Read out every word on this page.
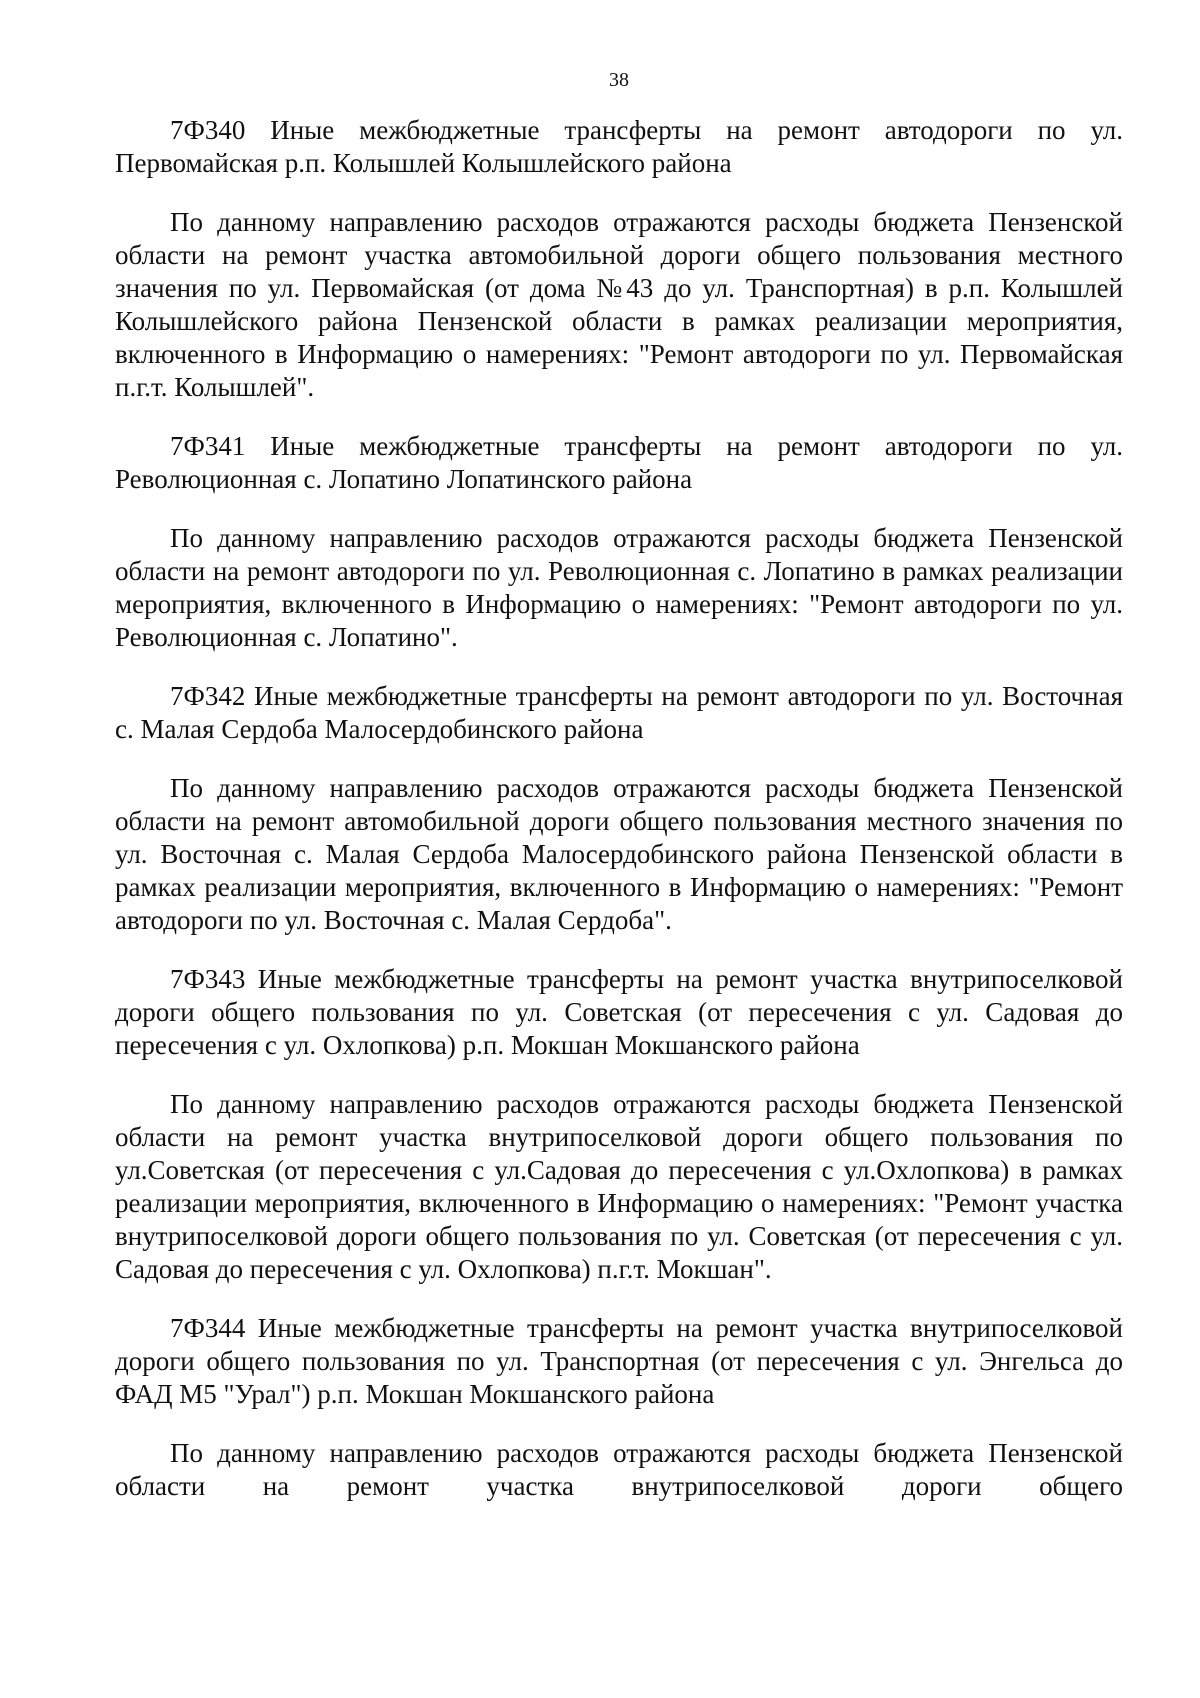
38

7Ф340 Иные межбюджетные трансферты на ремонт автодороги по ул. Первомайская р.п. Колышлей Колышлейского района

По данному направлению расходов отражаются расходы бюджета Пензенской области на ремонт участка автомобильной дороги общего пользования местного значения по ул. Первомайская (от дома №43 до ул. Транспортная) в р.п. Колышлей Колышлейского района Пензенской области в рамках реализации мероприятия, включенного в Информацию о намерениях: "Ремонт автодороги по ул. Первомайская п.г.т. Колышлей".

7Ф341 Иные межбюджетные трансферты на ремонт автодороги по ул. Революционная с. Лопатино Лопатинского района

По данному направлению расходов отражаются расходы бюджета Пензенской области на ремонт автодороги по ул. Революционная с. Лопатино в рамках реализации мероприятия, включенного в Информацию о намерениях: "Ремонт автодороги по ул. Революционная с. Лопатино".

7Ф342 Иные межбюджетные трансферты на ремонт автодороги по ул. Восточная с. Малая Сердоба Малосердобинского района

По данному направлению расходов отражаются расходы бюджета Пензенской области на ремонт автомобильной дороги общего пользования местного значения по ул. Восточная с. Малая Сердоба Малосердобинского района Пензенской области в рамках реализации мероприятия, включенного в Информацию о намерениях: "Ремонт автодороги по ул. Восточная с. Малая Сердоба".

7Ф343 Иные межбюджетные трансферты на ремонт участка внутрипоселковой дороги общего пользования по ул. Советская (от пересечения с ул. Садовая до пересечения с ул. Охлопкова) р.п. Мокшан Мокшанского района

По данному направлению расходов отражаются расходы бюджета Пензенской области на ремонт участка внутрипоселковой дороги общего пользования по ул.Советская (от пересечения с ул.Садовая до пересечения с ул.Охлопкова) в рамках реализации мероприятия, включенного в Информацию о намерениях: "Ремонт участка внутрипоселковой дороги общего пользования по ул. Советская (от пересечения с ул. Садовая до пересечения с ул. Охлопкова) п.г.т. Мокшан".

7Ф344 Иные межбюджетные трансферты на ремонт участка внутрипоселковой дороги общего пользования по ул. Транспортная (от пересечения с ул. Энгельса до ФАД М5 "Урал") р.п. Мокшан Мокшанского района

По данному направлению расходов отражаются расходы бюджета Пензенской области на ремонт участка внутрипоселковой дороги общего
